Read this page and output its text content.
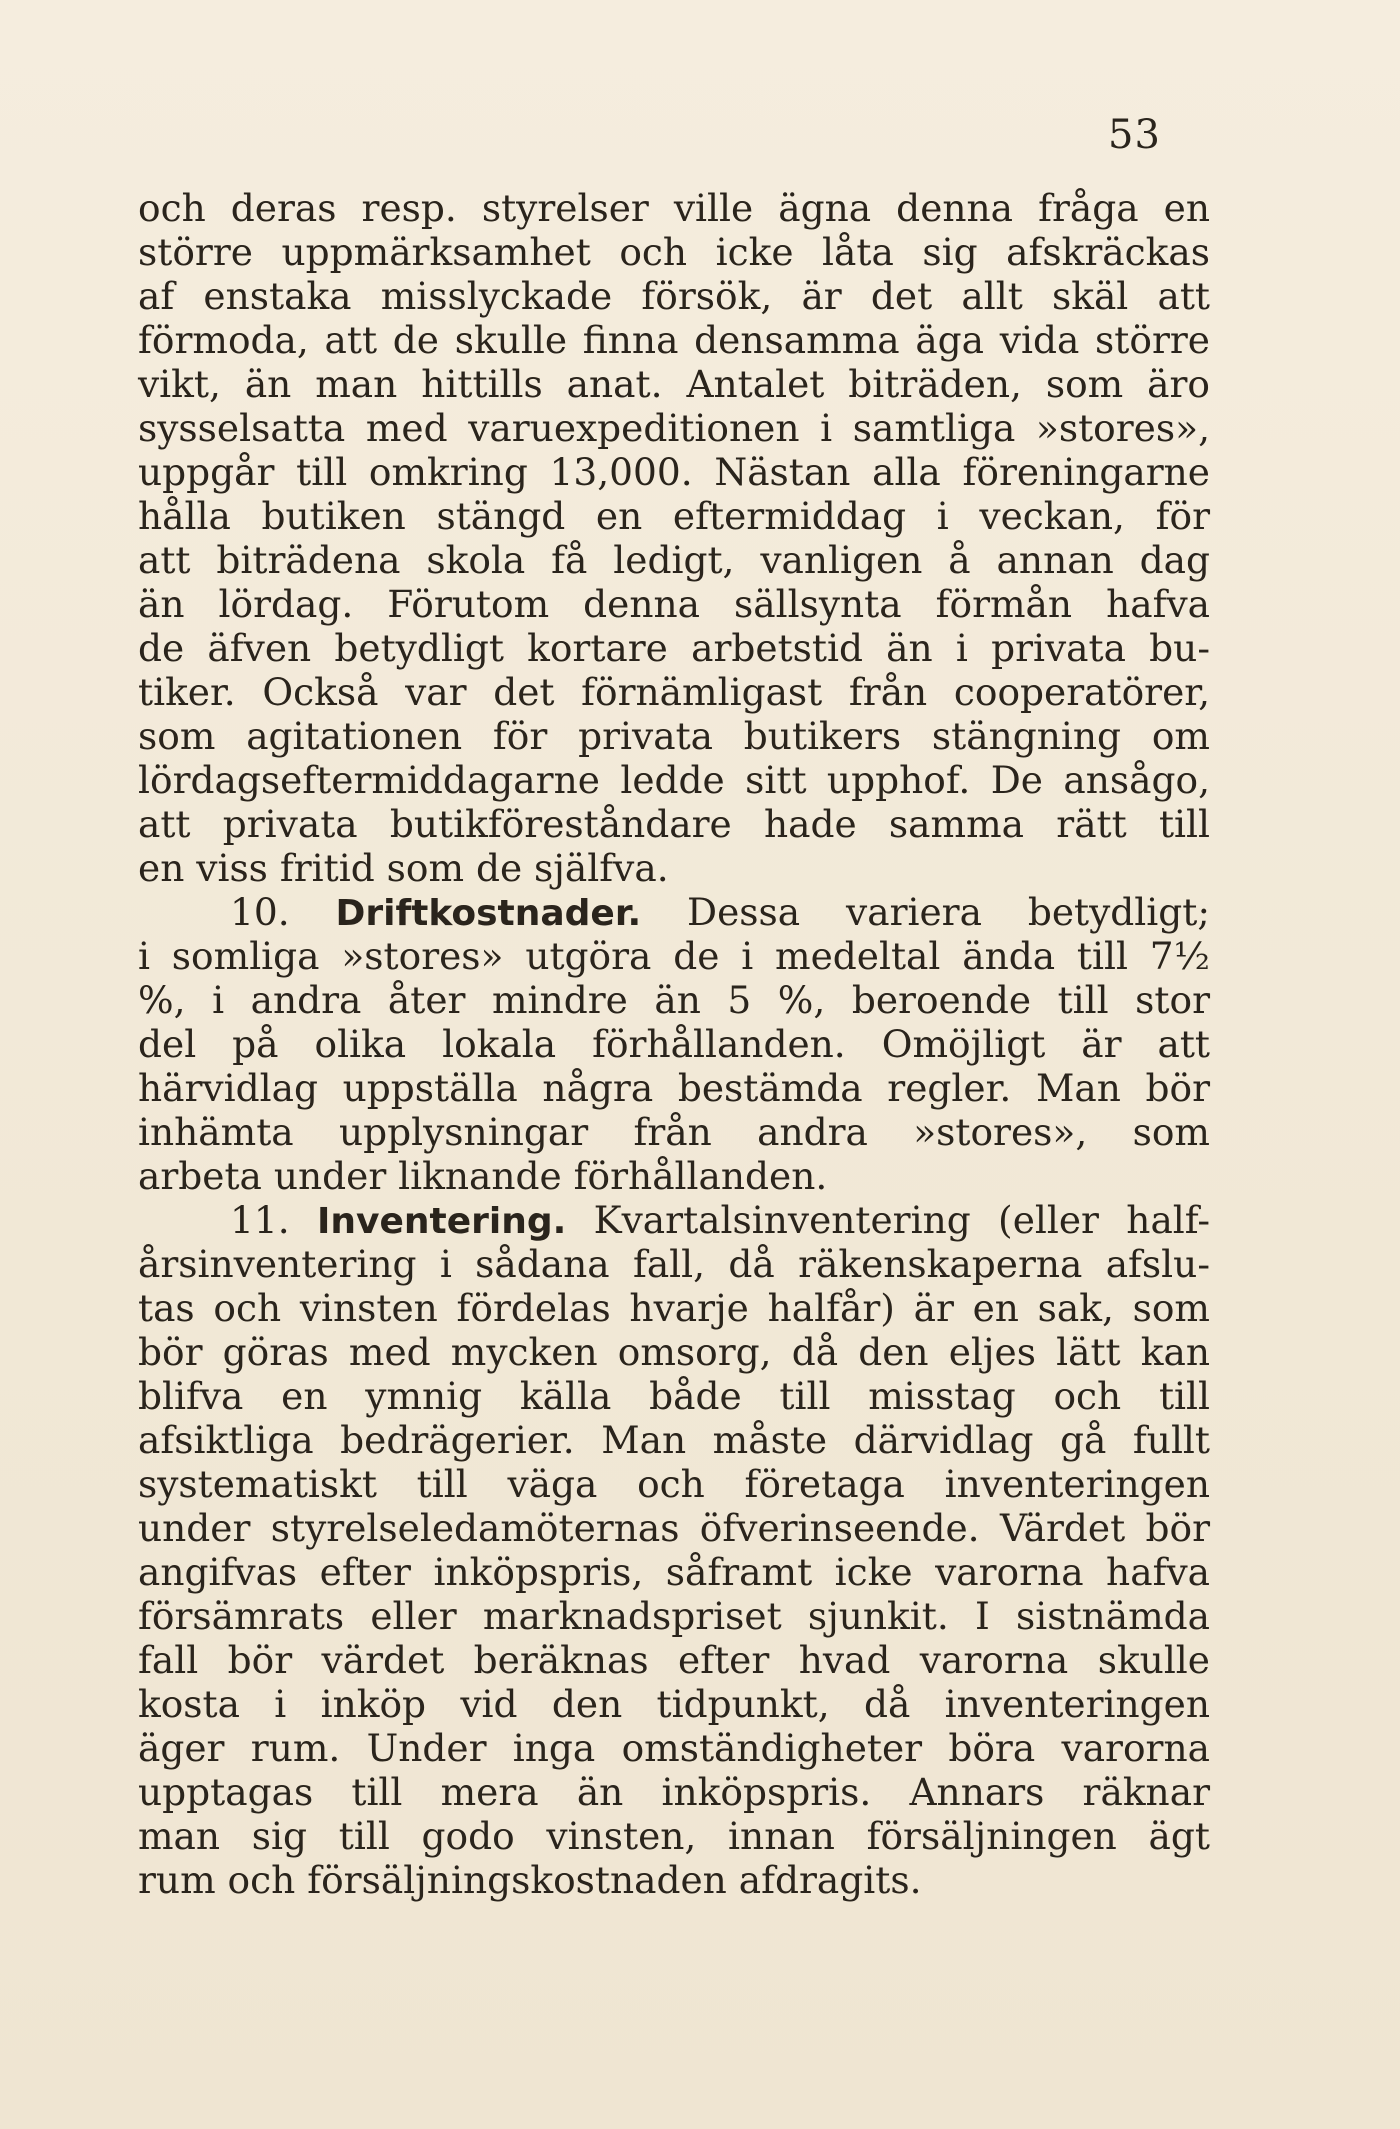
53
och deras resp. styrelser ville ägna denna fråga en
större uppmärksamhet och icke låta sig afskräckas
af enstaka misslyckade försök, är det allt skäl att
förmoda, att de skulle finna densamma äga vida större
vikt, än man hittills anat. Antalet biträden, som äro
sysselsatta med varuexpeditionen i samtliga »stores»,
uppgår till omkring 13,000. Nästan alla föreningarne
hålla butiken stängd en eftermiddag i veckan, för
att biträdena skola få ledigt, vanligen å annan dag
än lördag. Förutom denna sällsynta förmån hafva
de äfven betydligt kortare arbetstid än i privata bu-
tiker. Också var det förnämligast från cooperatörer,
som agitationen för privata butikers stängning om
lördagseftermiddagarne ledde sitt upphof. De ansågo,
att privata butikföreståndare hade samma rätt till
en viss fritid som de själfva.
10. Driftkostnader. Dessa variera betydligt;
i somliga »stores» utgöra de i medeltal ända till 7½
%, i andra åter mindre än 5 %, beroende till stor
del på olika lokala förhållanden. Omöjligt är att
härvidlag uppställa några bestämda regler. Man bör
inhämta upplysningar från andra »stores», som
arbeta under liknande förhållanden.
11. Inventering. Kvartalsinventering (eller half-
årsinventering i sådana fall, då räkenskaperna afslu-
tas och vinsten fördelas hvarje halfår) är en sak, som
bör göras med mycken omsorg, då den eljes lätt kan
blifva en ymnig källa både till misstag och till
afsiktliga bedrägerier. Man måste därvidlag gå fullt
systematiskt till väga och företaga inventeringen
under styrelseledamöternas öfverinseende. Värdet bör
angifvas efter inköpspris, såframt icke varorna hafva
försämrats eller marknadspriset sjunkit. I sistnämda
fall bör värdet beräknas efter hvad varorna skulle
kosta i inköp vid den tidpunkt, då inventeringen
äger rum. Under inga omständigheter böra varorna
upptagas till mera än inköpspris. Annars räknar
man sig till godo vinsten, innan försäljningen ägt
rum och försäljningskostnaden afdragits.
